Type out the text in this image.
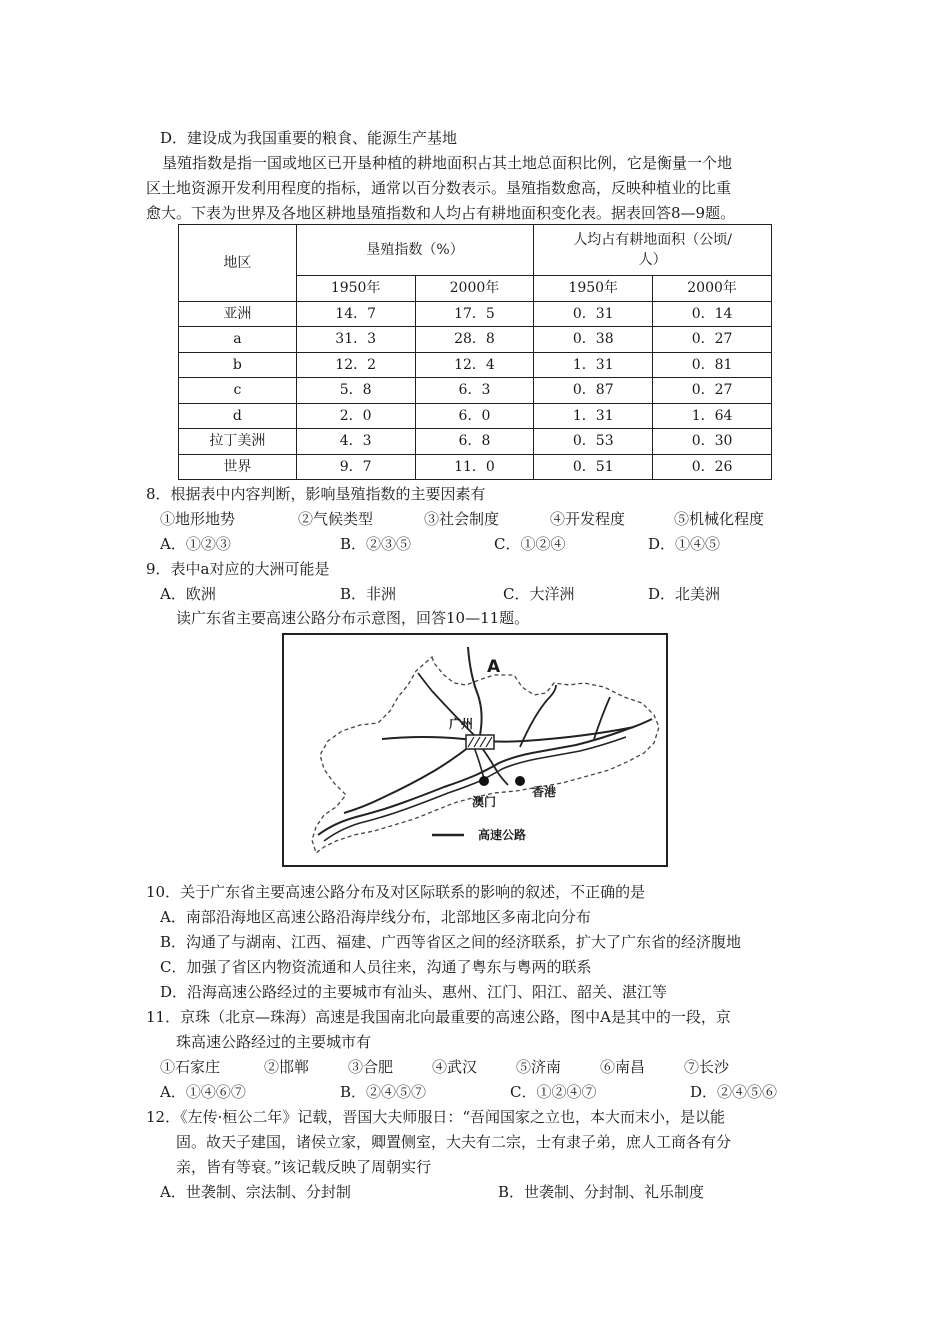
D．建设成为我国重要的粮食、能源生产基地
垦殖指数是指一国或地区已开垦种植的耕地面积占其土地总面积比例，它是衡量一个地
区土地资源开发利用程度的指标，通常以百分数表示。垦殖指数愈高，反映种植业的比重
愈大。下表为世界及各地区耕地垦殖指数和人均占有耕地面积变化表。据表回答8—9题。
地区	垦殖指数（%）		人均占有耕地面积（公顷/
人）	

	1950年	2000年	1950年	2000年
亚洲	14．7	17．5	0．31	0．14
a	31．3	28．8	0．38	0．27
b	12．2	12．4	1．31	0．81
c	5．8	6．3	0．87	0．27
d	2．0	6．0	1．31	1．64
拉丁美洲	4．3	6．8	0．53	0．30
世界	9．7	11．0	0．51	0．26
8．根据表中内容判断，影响垦殖指数的主要因素有
①地形地势	②气候类型	③社会制度	④开发程度	⑤机械化程度
A．①②③	B．②③⑤	C．①②④	D．①④⑤
9．表中a对应的大洲可能是
A．欧洲	B．非洲	C．大洋洲	D．北美洲
读广东省主要高速公路分布示意图，回答10—11题。
A
广州
香港
澳门
高速公路
10．关于广东省主要高速公路分布及对区际联系的影响的叙述，不正确的是
A．南部沿海地区高速公路沿海岸线分布，北部地区多南北向分布
B．沟通了与湖南、江西、福建、广西等省区之间的经济联系，扩大了广东省的经济腹地
C．加强了省区内物资流通和人员往来，沟通了粤东与粤两的联系
D．沿海高速公路经过的主要城市有汕头、惠州、江门、阳江、韶关、湛江等
11．京珠（北京—珠海）高速是我国南北向最重要的高速公路，图中A是其中的一段，京
珠高速公路经过的主要城市有
①石家庄	②邯郸	③合肥	④武汉	⑤济南	⑥南昌	⑦长沙
A．①④⑥⑦	B．②④⑤⑦	C．①②④⑦	D．②④⑤⑥
12．《左传·桓公二年》记载，晋国大夫师服日：“吾闻国家之立也，本大而末小，是以能
固。故天子建国，诸侯立家，卿置侧室，大夫有二宗，士有隶子弟，庶人工商各有分
亲，皆有等衰。”该记载反映了周朝实行
A．世袭制、宗法制、分封制	B．世袭制、分封制、礼乐制度
